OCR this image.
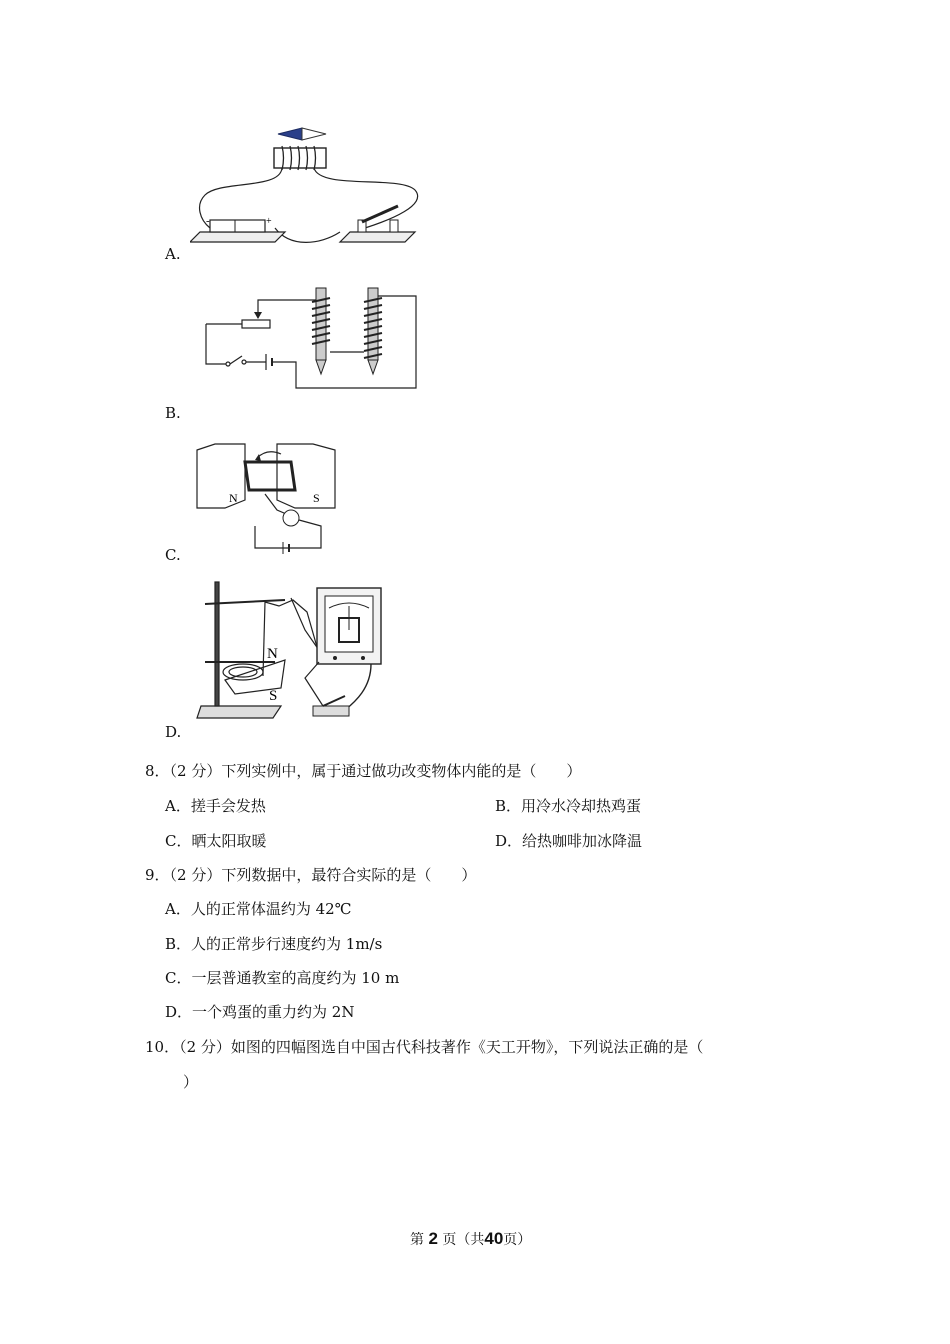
-	+
A.
B.
N	S
C.
N
S
D.
8．（2 分）下列实例中，属于通过做功改变物体内能的是（　　）
A．搓手会发热	B．用冷水冷却热鸡蛋
C．晒太阳取暖	D．给热咖啡加冰降温
9．（2 分）下列数据中，最符合实际的是（　　）
A．人的正常体温约为 42℃
B．人的正常步行速度约为 1m/s
C．一层普通教室的高度约为 10 m
D．一个鸡蛋的重力约为 2N
10．（2 分）如图的四幅图选自中国古代科技著作《天工开物》，下列说法正确的是（
）
第 2 页（共40页）
